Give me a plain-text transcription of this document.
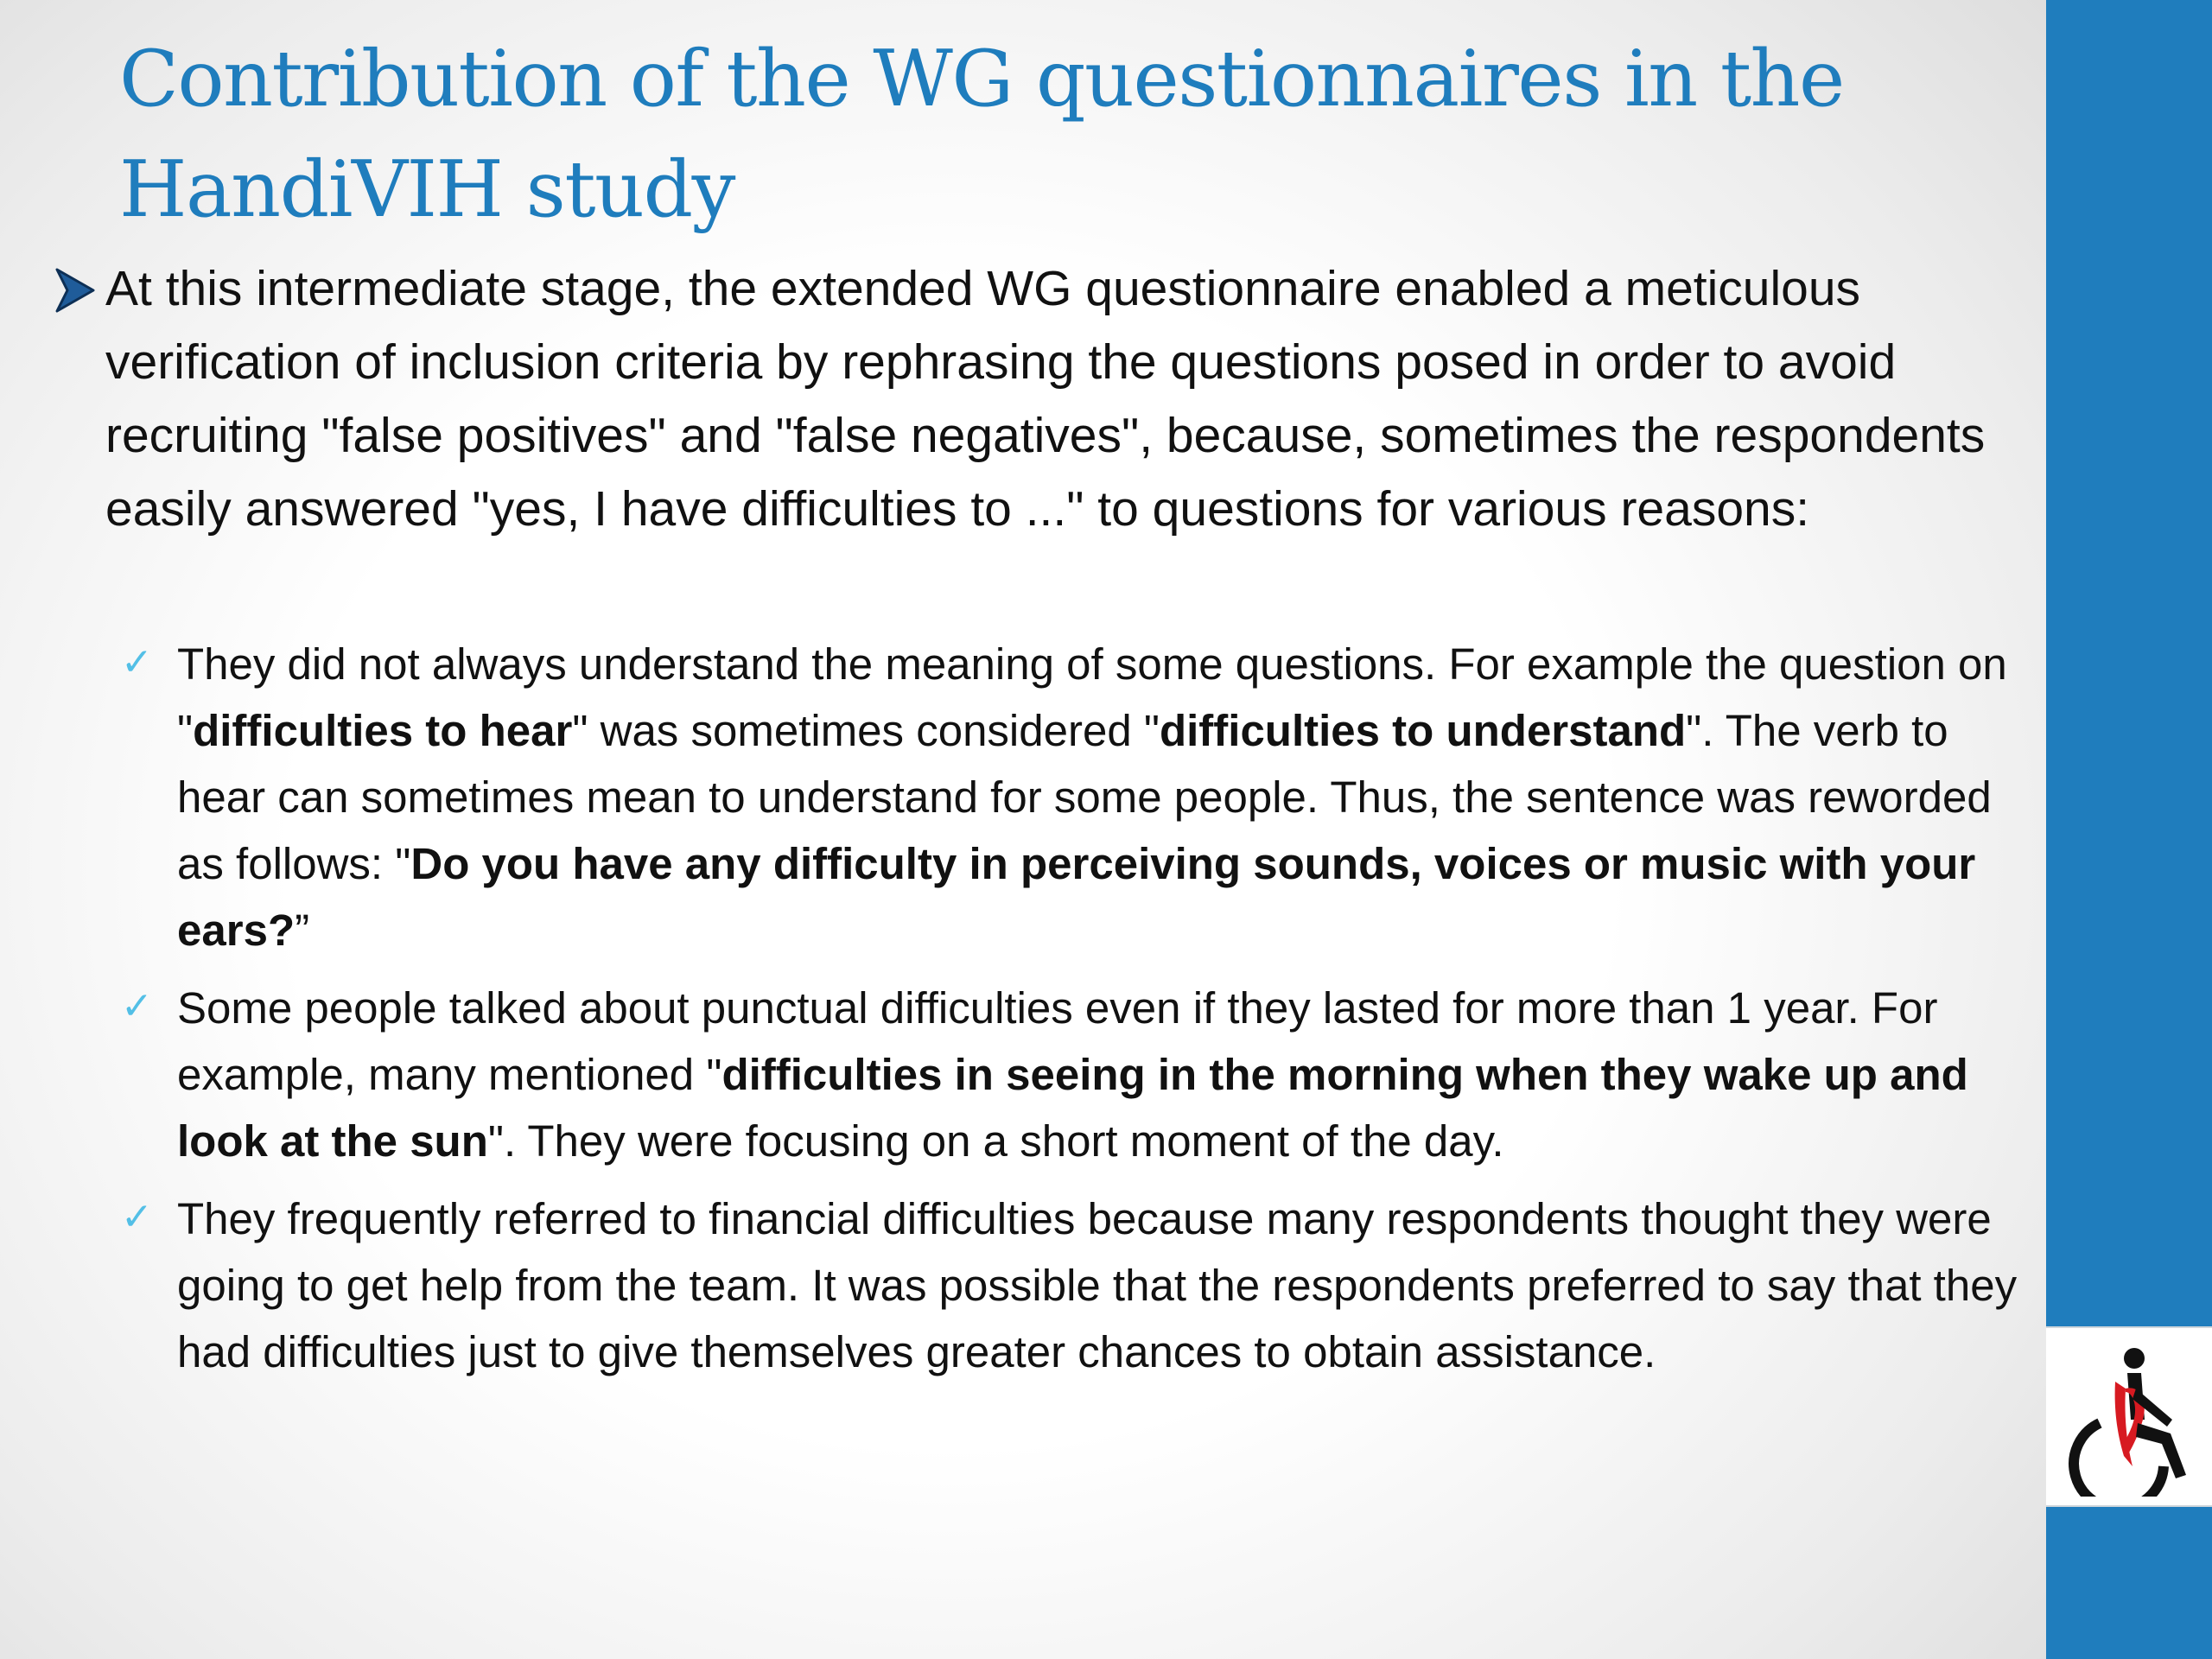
Contribution of the WG questionnaires in the HandiVIH study

At this intermediate stage, the extended WG questionnaire enabled a meticulous verification of inclusion criteria by rephrasing the questions posed in order to avoid recruiting "false positives" and "false negatives", because, sometimes the respondents easily answered "yes, I have difficulties to ..." to questions for various reasons:

✓ They did not always understand the meaning of some questions. For example the question on "difficulties to hear" was sometimes considered "difficulties to understand". The verb to hear can sometimes mean to understand for some people. Thus, the sentence was reworded as follows: "Do you have any difficulty in perceiving sounds, voices or music with your ears?”

✓ Some people talked about punctual difficulties even if they lasted for more than 1 year. For example, many mentioned "difficulties in seeing in the morning when they wake up and look at the sun". They were focusing on a short moment of the day.

✓ They frequently referred to financial difficulties because many respondents thought they were going to get help from the team. It was possible that the respondents preferred to say that they had difficulties just to give themselves greater chances to obtain assistance.
